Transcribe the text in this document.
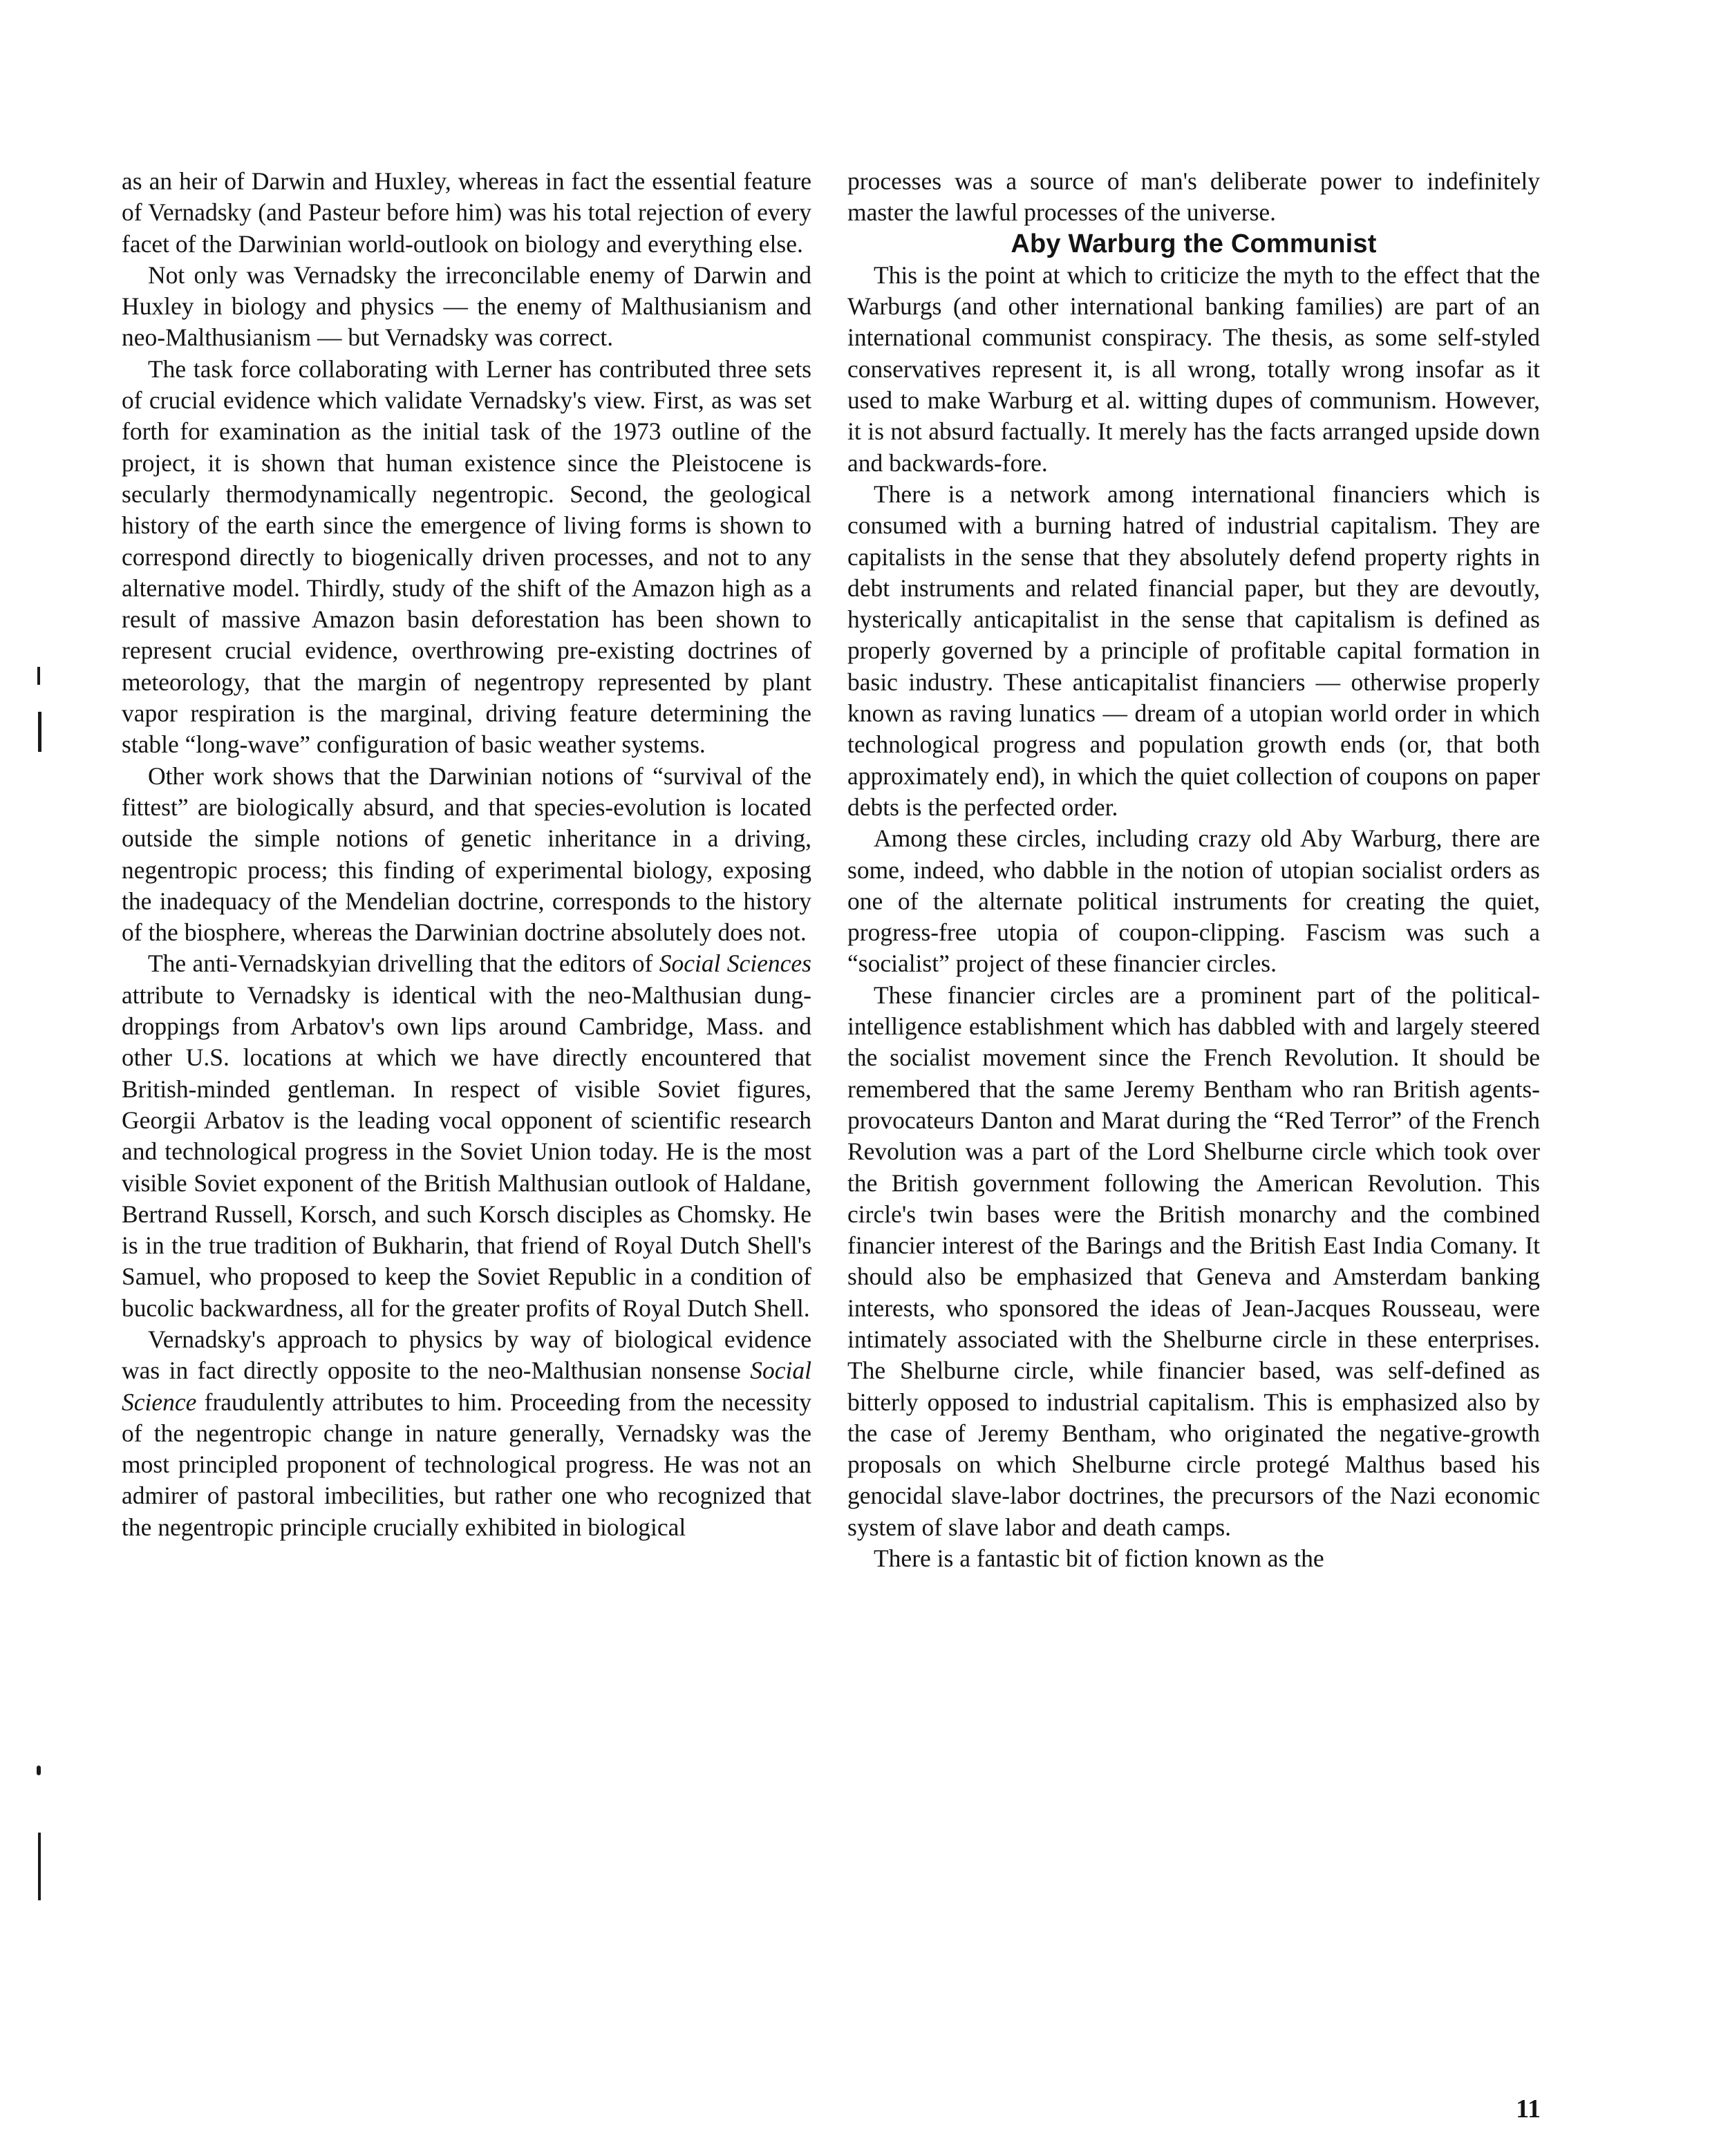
as an heir of Darwin and Huxley, whereas in fact the essential feature of Vernadsky (and Pasteur before him) was his total rejection of every facet of the Darwinian world-outlook on biology and everything else.

Not only was Vernadsky the irreconcilable enemy of Darwin and Huxley in biology and physics — the enemy of Malthusianism and neo-Malthusianism — but Vernadsky was correct.

The task force collaborating with Lerner has contributed three sets of crucial evidence which validate Vernadsky's view. First, as was set forth for examination as the initial task of the 1973 outline of the project, it is shown that human existence since the Pleistocene is secularly thermodynamically negentropic. Second, the geological history of the earth since the emergence of living forms is shown to correspond directly to biogenically driven processes, and not to any alternative model. Thirdly, study of the shift of the Amazon high as a result of massive Amazon basin deforestation has been shown to represent crucial evidence, overthrowing pre-existing doctrines of meteorology, that the margin of negentropy represented by plant vapor respiration is the marginal, driving feature determining the stable “long-wave” configuration of basic weather systems.

Other work shows that the Darwinian notions of “survival of the fittest” are biologically absurd, and that species-evolution is located outside the simple notions of genetic inheritance in a driving, negentropic process; this finding of experimental biology, exposing the inadequacy of the Mendelian doctrine, corresponds to the history of the biosphere, whereas the Darwinian doctrine absolutely does not.

The anti-Vernadskyian drivelling that the editors of Social Sciences attribute to Vernadsky is identical with the neo-Malthusian dung-droppings from Arbatov's own lips around Cambridge, Mass. and other U.S. locations at which we have directly encountered that British-minded gentleman. In respect of visible Soviet figures, Georgii Arbatov is the leading vocal opponent of scientific research and technological progress in the Soviet Union today. He is the most visible Soviet exponent of the British Malthusian outlook of Haldane, Bertrand Russell, Korsch, and such Korsch disciples as Chomsky. He is in the true tradition of Bukharin, that friend of Royal Dutch Shell's Samuel, who proposed to keep the Soviet Republic in a condition of bucolic backwardness, all for the greater profits of Royal Dutch Shell.

Vernadsky's approach to physics by way of biological evidence was in fact directly opposite to the neo-Malthusian nonsense Social Science fraudulently attributes to him. Proceeding from the necessity of the negentropic change in nature generally, Vernadsky was the most principled proponent of technological progress. He was not an admirer of pastoral imbecilities, but rather one who recognized that the negentropic principle crucially exhibited in biological

processes was a source of man's deliberate power to indefinitely master the lawful processes of the universe.

Aby Warburg the Communist

This is the point at which to criticize the myth to the effect that the Warburgs (and other international banking families) are part of an international communist conspiracy. The thesis, as some self-styled conservatives represent it, is all wrong, totally wrong insofar as it used to make Warburg et al. witting dupes of communism. However, it is not absurd factually. It merely has the facts arranged upside down and backwards-fore.

There is a network among international financiers which is consumed with a burning hatred of industrial capitalism. They are capitalists in the sense that they absolutely defend property rights in debt instruments and related financial paper, but they are devoutly, hysterically anticapitalist in the sense that capitalism is defined as properly governed by a principle of profitable capital formation in basic industry. These anticapitalist financiers — otherwise properly known as raving lunatics — dream of a utopian world order in which technological progress and population growth ends (or, that both approximately end), in which the quiet collection of coupons on paper debts is the perfected order.

Among these circles, including crazy old Aby Warburg, there are some, indeed, who dabble in the notion of utopian socialist orders as one of the alternate political instruments for creating the quiet, progress-free utopia of coupon-clipping. Fascism was such a “socialist” project of these financier circles.

These financier circles are a prominent part of the political-intelligence establishment which has dabbled with and largely steered the socialist movement since the French Revolution. It should be remembered that the same Jeremy Bentham who ran British agents-provocateurs Danton and Marat during the “Red Terror” of the French Revolution was a part of the Lord Shelburne circle which took over the British government following the American Revolution. This circle's twin bases were the British monarchy and the combined financier interest of the Barings and the British East India Comany. It should also be emphasized that Geneva and Amsterdam banking interests, who sponsored the ideas of Jean-Jacques Rousseau, were intimately associated with the Shelburne circle in these enterprises. The Shelburne circle, while financier based, was self-defined as bitterly opposed to industrial capitalism. This is emphasized also by the case of Jeremy Bentham, who originated the negative-growth proposals on which Shelburne circle protegé Malthus based his genocidal slave-labor doctrines, the precursors of the Nazi economic system of slave labor and death camps.

There is a fantastic bit of fiction known as the

11
